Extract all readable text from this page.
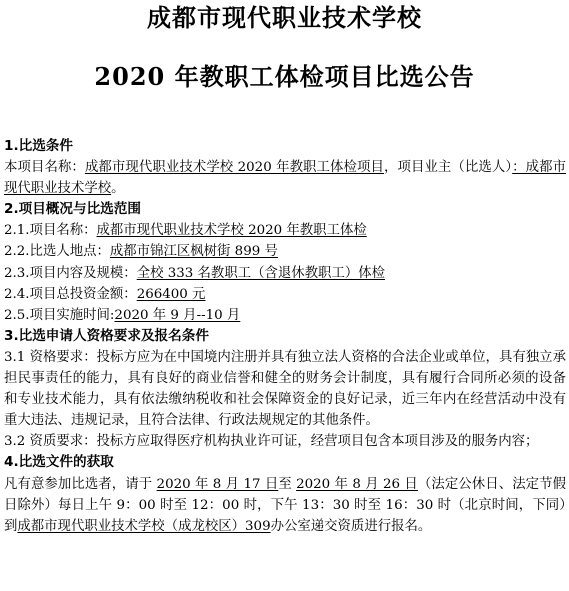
成都市现代职业技术学校
2020 年教职工体检项目比选公告

1.比选条件

本项目名称：成都市现代职业技术学校 2020 年教职工体检项目，项目业主（比选人）：成都市现代职业技术学校。

2.项目概况与比选范围

2.1.项目名称：成都市现代职业技术学校 2020 年教职工体检

2.2.比选人地点：成都市锦江区枫树街 899 号

2.3.项目内容及规模：全校 333 名教职工（含退休教职工）体检

2.4.项目总投资金额：266400 元

2.5.项目实施时间:2020 年 9 月--10 月

3.比选申请人资格要求及报名条件

3.1 资格要求：投标方应为在中国境内注册并具有独立法人资格的合法企业或单位，具有独立承担民事责任的能力，具有良好的商业信誉和健全的财务会计制度，具有履行合同所必须的设备和专业技术能力，具有依法缴纳税收和社会保障资金的良好记录，近三年内在经营活动中没有重大违法、违规记录，且符合法律、行政法规规定的其他条件。

3.2 资质要求：投标方应取得医疗机构执业许可证，经营项目包含本项目涉及的服务内容；

4.比选文件的获取

凡有意参加比选者，请于 2020 年 8 月 17 日至 2020 年 8 月 26 日（法定公休日、法定节假日除外）每日上午 9：00 时至 12：00 时，下午 13：30 时至 16：30 时（北京时间，下同）到成都市现代职业技术学校（成龙校区）309办公室递交资质进行报名。
